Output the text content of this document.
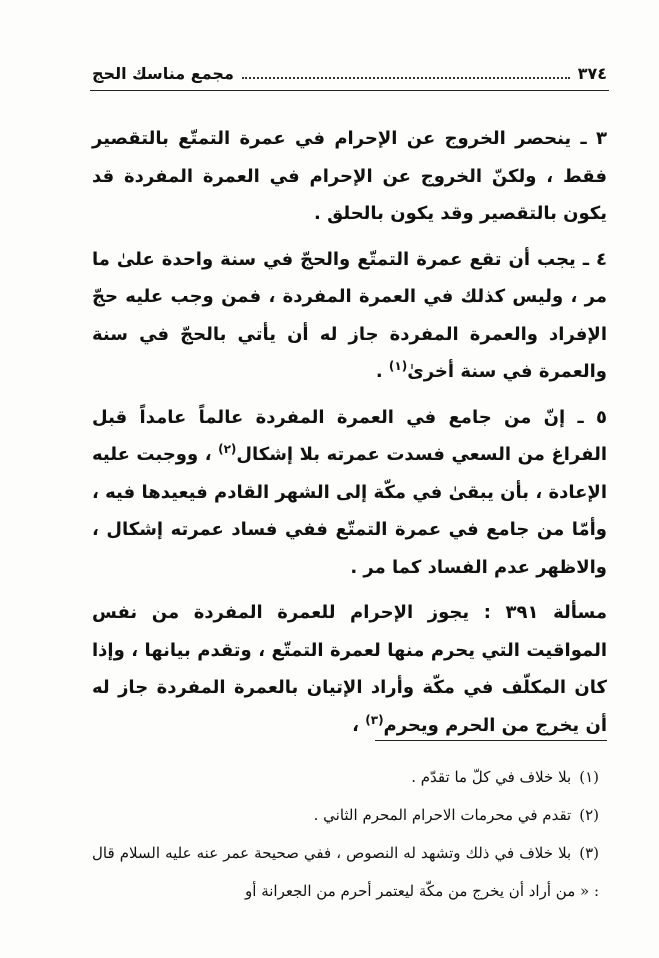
٣٧٤
مجمع مناسك الحج

٣ ـ ينحصر الخروج عن الإحرام في عمرة التمتّع بالتقصير فقط ، ولكنّ الخروج عن الإحرام في العمرة المفردة قد يكون بالتقصير وقد يكون بالحلق .

٤ ـ يجب أن تقع عمرة التمتّع والحجّ في سنة واحدة علىٰ ما مر ، وليس كذلك في العمرة المفردة ، فمن وجب عليه حجّ الإفراد والعمرة المفردة جاز له أن يأتي بالحجّ في سنة والعمرة في سنة أخرىٰ$^{(١)}$ .

٥ ـ إنّ من جامع في العمرة المفردة عالماً عامداً قبل الفراغ من السعي فسدت عمرته بلا إشكال$^{(٢)}$ ، ووجبت عليه الإعادة ، بأن يبقىٰ في مكّة إلى الشهر القادم فيعيدها فيه ، وأمّا من جامع في عمرة التمتّع ففي فساد عمرته إشكال ، والاظهر عدم الفساد كما مر .

مسألة ٣٩١ : يجوز الإحرام للعمرة المفردة من نفس المواقيت التي يحرم منها لعمرة التمتّع ، وتقدم بيانها ، وإذا كان المكلّف في مكّة وأراد الإتيان بالعمرة المفردة جاز له أن يخرج من الحرم ويحرم$^{(٣)}$ ،

(١)بلا خلاف في كلّ ما تقدّم .

(٢)تقدم في محرمات الاحرام المحرم الثاني .

(٣)بلا خلاف في ذلك وتشهد له النصوص ، ففي صحيحة عمر عنه عليه السلام قال : « من أراد أن يخرج من مكّة ليعتمر أحرم من الجعرانة أو
